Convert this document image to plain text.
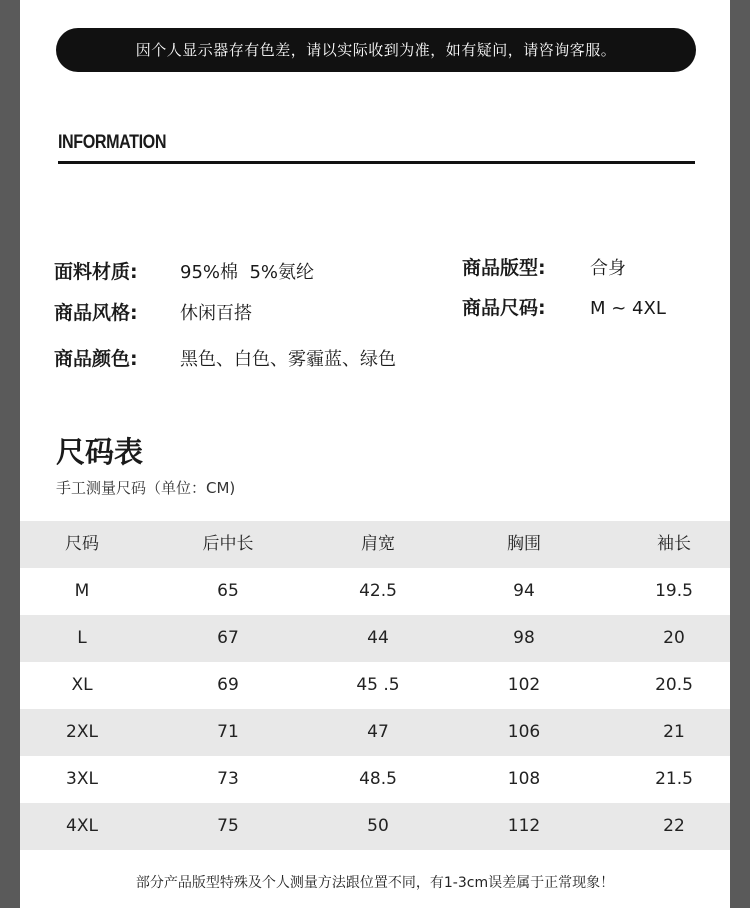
因个人显示器存有色差，请以实际收到为准，如有疑问，请咨询客服。
INFORMATION
面料材质: 95%棉  5%氨纶
商品风格: 休闲百搭
商品颜色: 黑色、白色、雾霾蓝、绿色
商品版型: 合身
商品尺码: M ~ 4XL
尺码表
手工测量尺码（单位：CM)
尺码	后中长	肩宽	胸围	袖长
M	65	42.5	94	19.5
L	67	44	98	20
XL	69	45 .5	102	20.5
2XL	71	47	106	21
3XL	73	48.5	108	21.5
4XL	75	50	112	22
部分产品版型特殊及个人测量方法跟位置不同，有1-3cm误差属于正常现象！
